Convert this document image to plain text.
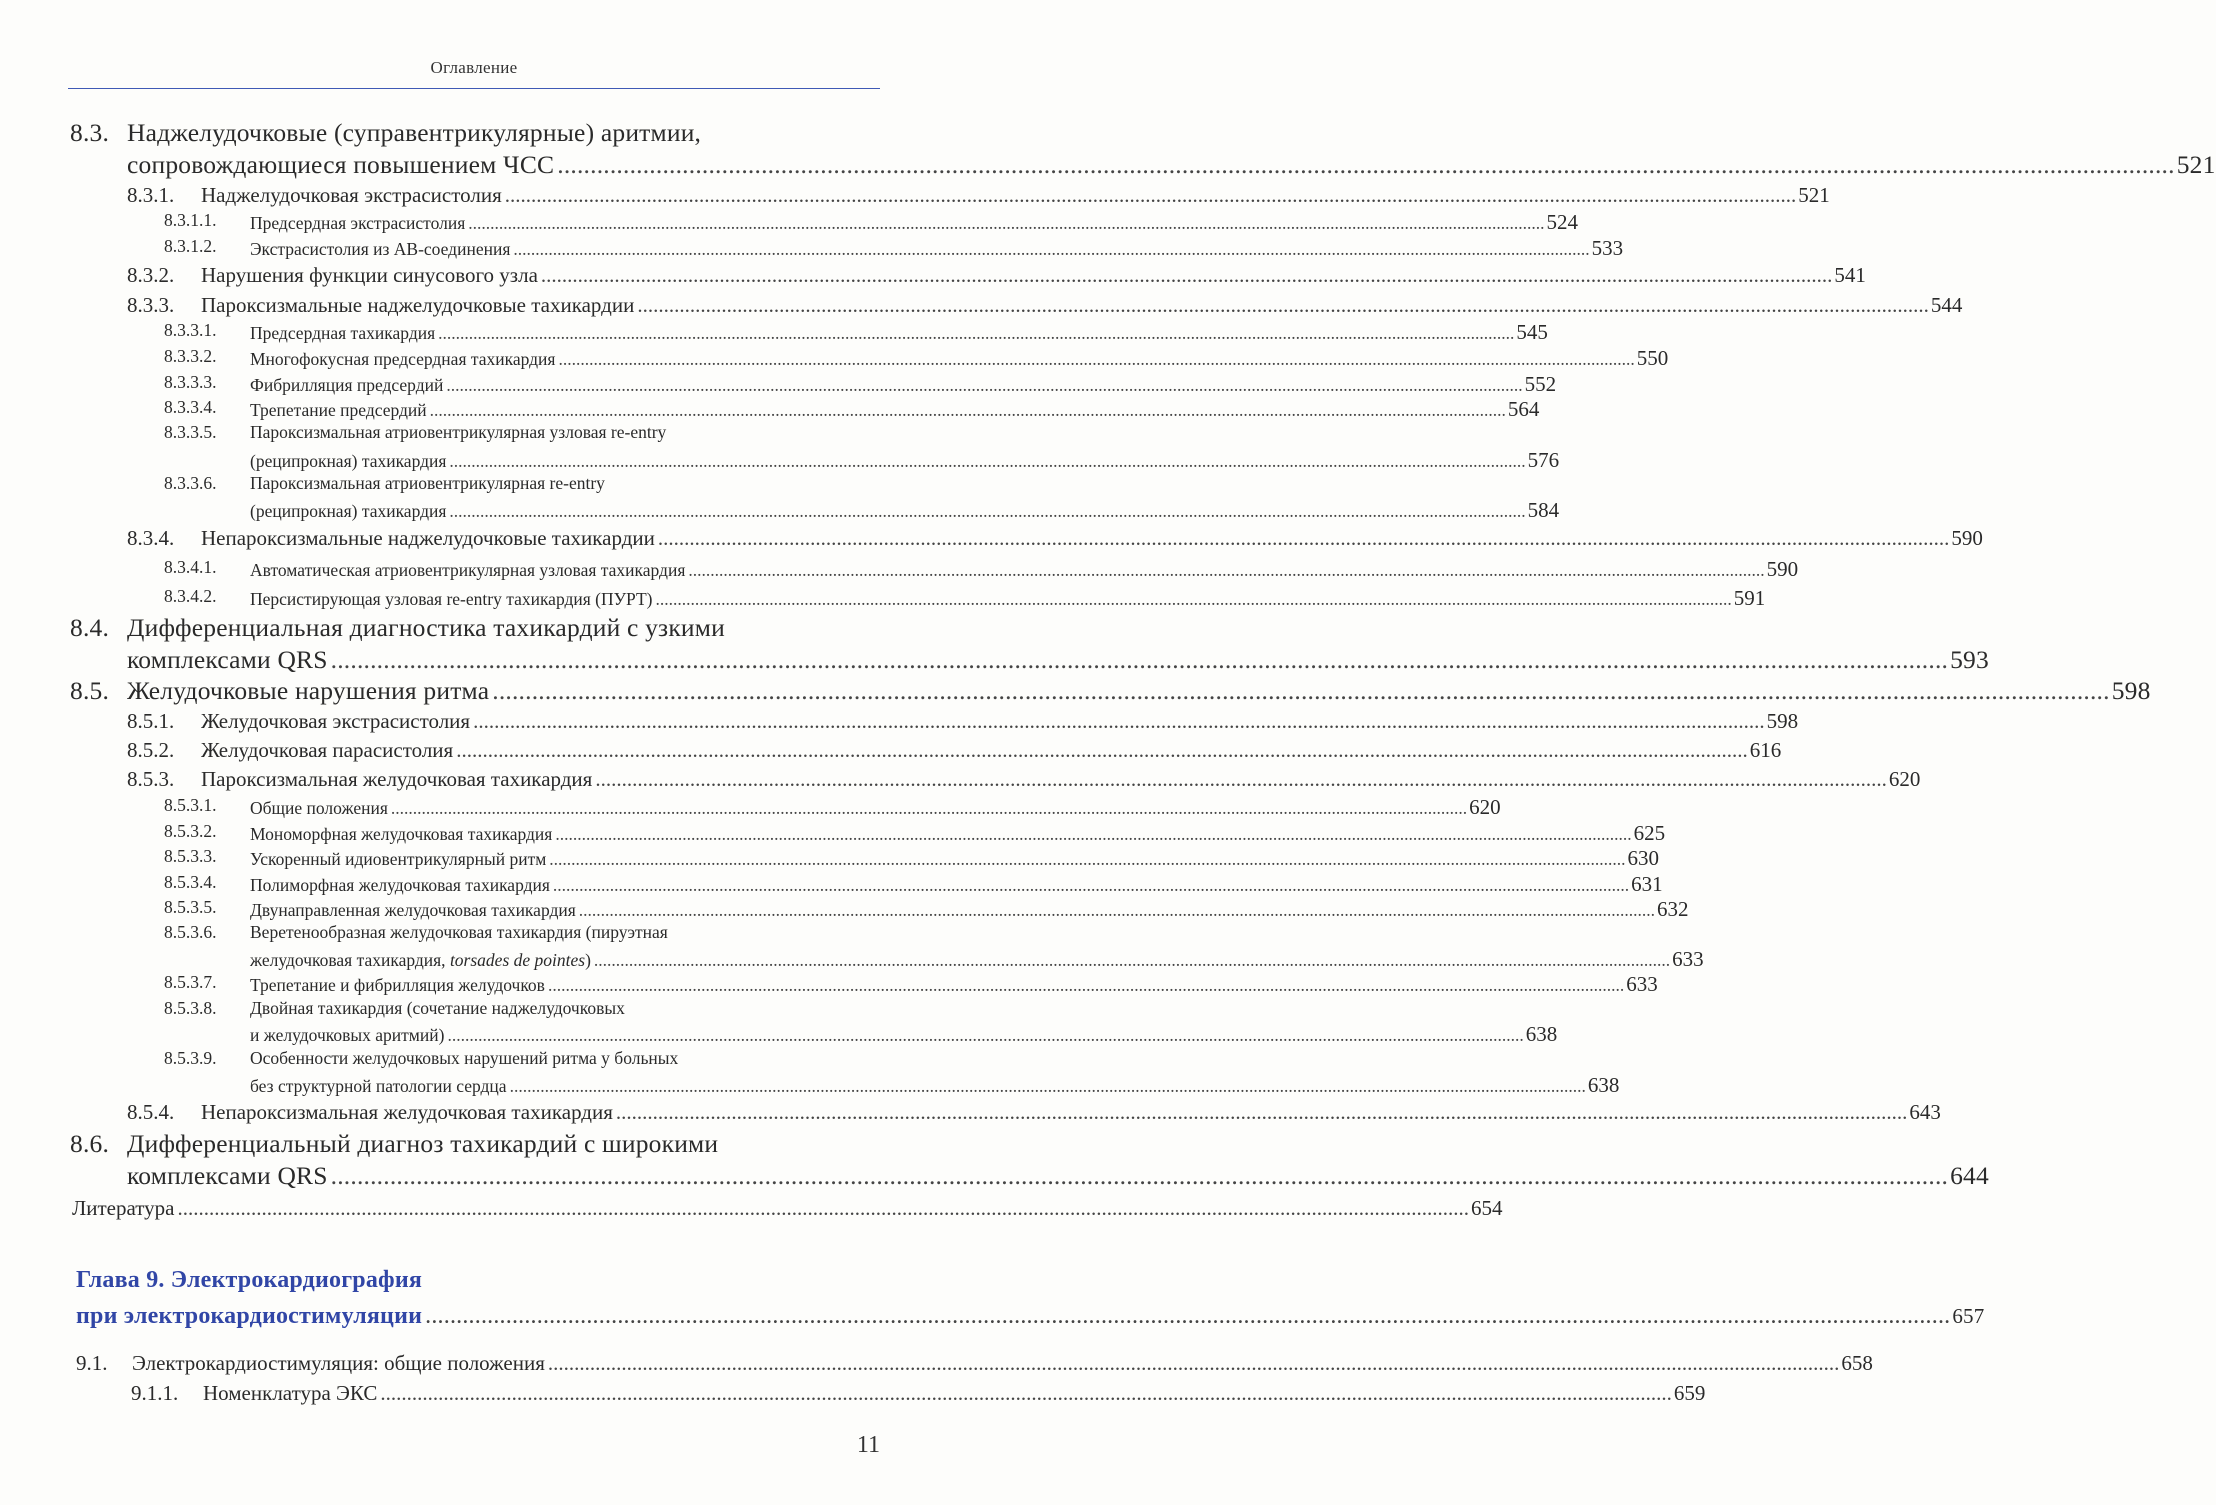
Оглавление
8.3. Наджелудочковые (суправентрикулярные) аритмии,
сопровождающиеся повышением ЧСС ...................................................................................................................................................................................................................................................... 521
8.3.1. Наджелудочковая экстрасистолия ...................................................................................................................................................................................................................................................... 521
8.3.1.1. Предсердная экстрасистолия ...................................................................................................................................................................................................................................................... 524
8.3.1.2. Экстрасистолия из АВ-соединения ...................................................................................................................................................................................................................................................... 533
8.3.2. Нарушения функции синусового узла ...................................................................................................................................................................................................................................................... 541
8.3.3. Пароксизмальные наджелудочковые тахикардии ...................................................................................................................................................................................................................................................... 544
8.3.3.1. Предсердная тахикардия ...................................................................................................................................................................................................................................................... 545
8.3.3.2. Многофокусная предсердная тахикардия ...................................................................................................................................................................................................................................................... 550
8.3.3.3. Фибрилляция предсердий ...................................................................................................................................................................................................................................................... 552
8.3.3.4. Трепетание предсердий ...................................................................................................................................................................................................................................................... 564
8.3.3.5. Пароксизмальная атриовентрикулярная узловая re-entry
(реципрокная) тахикардия ...................................................................................................................................................................................................................................................... 576
8.3.3.6. Пароксизмальная атриовентрикулярная re-entry
(реципрокная) тахикардия ...................................................................................................................................................................................................................................................... 584
8.3.4. Непароксизмальные наджелудочковые тахикардии ...................................................................................................................................................................................................................................................... 590
8.3.4.1. Автоматическая атриовентрикулярная узловая тахикардия ...................................................................................................................................................................................................................................................... 590
8.3.4.2. Персистирующая узловая re-entry тахикардия (ПУРТ) ...................................................................................................................................................................................................................................................... 591
8.4. Дифференциальная диагностика тахикардий с узкими
комплексами QRS ...................................................................................................................................................................................................................................................... 593
8.5. Желудочковые нарушения ритма ...................................................................................................................................................................................................................................................... 598
8.5.1. Желудочковая экстрасистолия ...................................................................................................................................................................................................................................................... 598
8.5.2. Желудочковая парасистолия ...................................................................................................................................................................................................................................................... 616
8.5.3. Пароксизмальная желудочковая тахикардия ...................................................................................................................................................................................................................................................... 620
8.5.3.1. Общие положения ...................................................................................................................................................................................................................................................... 620
8.5.3.2. Мономорфная желудочковая тахикардия ...................................................................................................................................................................................................................................................... 625
8.5.3.3. Ускоренный идиовентрикулярный ритм ...................................................................................................................................................................................................................................................... 630
8.5.3.4. Полиморфная желудочковая тахикардия ...................................................................................................................................................................................................................................................... 631
8.5.3.5. Двунаправленная желудочковая тахикардия ...................................................................................................................................................................................................................................................... 632
8.5.3.6. Веретенообразная желудочковая тахикардия (пируэтная
желудочковая тахикардия, torsades de pointes) ...................................................................................................................................................................................................................................................... 633
8.5.3.7. Трепетание и фибрилляция желудочков ...................................................................................................................................................................................................................................................... 633
8.5.3.8. Двойная тахикардия (сочетание наджелудочковых
и желудочковых аритмий) ...................................................................................................................................................................................................................................................... 638
8.5.3.9. Особенности желудочковых нарушений ритма у больных
без структурной патологии сердца ...................................................................................................................................................................................................................................................... 638
8.5.4. Непароксизмальная желудочковая тахикардия ...................................................................................................................................................................................................................................................... 643
8.6. Дифференциальный диагноз тахикардий с широкими
комплексами QRS ...................................................................................................................................................................................................................................................... 644
Литература ...................................................................................................................................................................................................................................................... 654
Глава 9. Электрокардиография
при электрокардиостимуляции ...................................................................................................................................................................................................................................................... 657
9.1. Электрокардиостимуляция: общие положения ...................................................................................................................................................................................................................................................... 658
9.1.1. Номенклатура ЭКС ...................................................................................................................................................................................................................................................... 659
11
